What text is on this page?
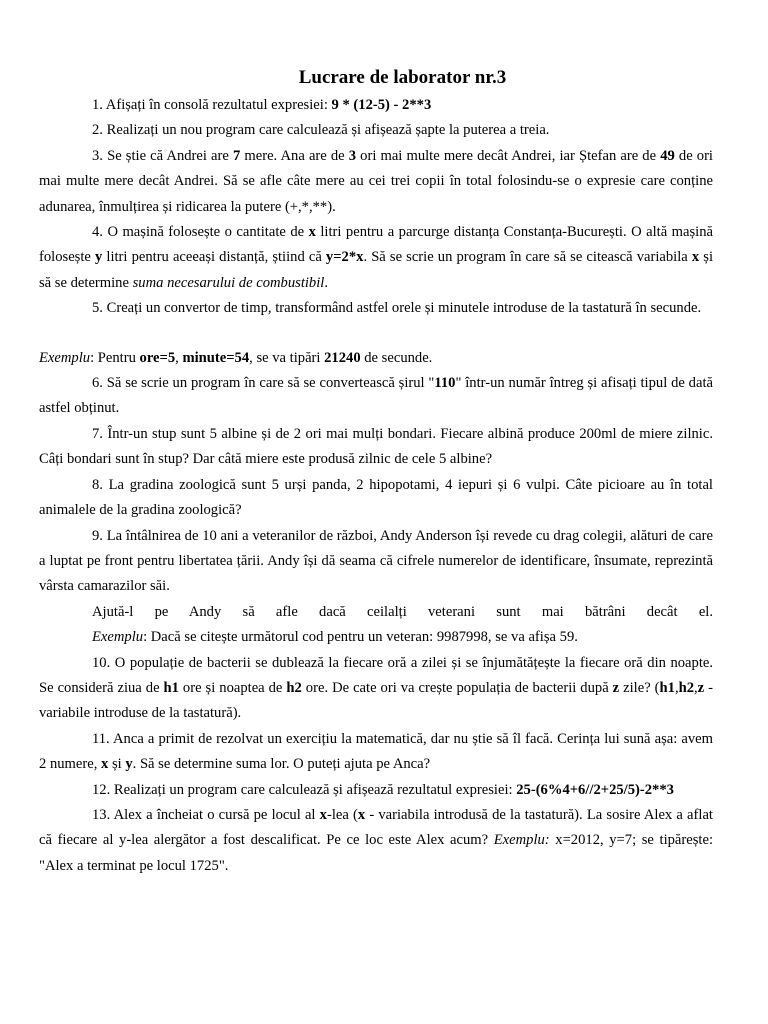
Lucrare de laborator nr.3

1. Afișați în consolă rezultatul expresiei: 9 * (12-5) - 2**3

2. Realizați un nou program care calculează și afișează șapte la puterea a treia.

3. Se știe că Andrei are 7 mere. Ana are de 3 ori mai multe mere decât Andrei, iar Ștefan are de 49 de ori mai multe mere decât Andrei. Să se afle câte mere au cei trei copii în total folosindu-se o expresie care conține adunarea, înmulțirea și ridicarea la putere (+,*,**).

4. O mașină folosește o cantitate de x litri pentru a parcurge distanța Constanța-București. O altă mașină folosește y litri pentru aceeași distanță, știind că y=2*x. Să se scrie un program în care să se citească variabila x și să se determine suma necesarului de combustibil.

5. Creați un convertor de timp, transformând astfel orele și minutele introduse de la tastatură în secunde.

Exemplu: Pentru ore=5, minute=54, se va tipări 21240 de secunde.

6. Să se scrie un program în care să se convertească șirul "110" într-un număr întreg și afisați tipul de dată astfel obținut.

7. Într-un stup sunt 5 albine și de 2 ori mai mulți bondari. Fiecare albină produce 200ml de miere zilnic. Câți bondari sunt în stup? Dar câtă miere este produsă zilnic de cele 5 albine?

8. La gradina zoologică sunt 5 urși panda, 2 hipopotami, 4 iepuri și 6 vulpi. Câte picioare au în total animalele de la gradina zoologică?

9. La întâlnirea de 10 ani a veteranilor de război, Andy Anderson își revede cu drag colegii, alături de care a luptat pe front pentru libertatea țării. Andy își dă seama că cifrele numerelor de identificare, însumate, reprezintă vârsta camarazilor săi.

Ajută-l pe Andy să afle dacă ceilalți veterani sunt mai bătrâni decât el.

Exemplu: Dacă se citește următorul cod pentru un veteran: 9987998, se va afișa 59.

10. O populație de bacterii se dublează la fiecare oră a zilei și se înjumătățește la fiecare oră din noapte. Se consideră ziua de h1 ore și noaptea de h2 ore. De cate ori va crește populația de bacterii după z zile? (h1,h2,z - variabile introduse de la tastatură).

11. Anca a primit de rezolvat un exercițiu la matematică, dar nu știe să îl facă. Cerința lui sună așa: avem 2 numere, x și y. Să se determine suma lor. O puteți ajuta pe Anca?

12. Realizați un program care calculează și afișează rezultatul expresiei: 25-(6%4+6//2+25/5)-2**3

13. Alex a încheiat o cursă pe locul al x-lea (x - variabila introdusă de la tastatură). La sosire Alex a aflat că fiecare al y-lea alergător a fost descalificat. Pe ce loc este Alex acum? Exemplu: x=2012, y=7; se tipărește: "Alex a terminat pe locul 1725".
